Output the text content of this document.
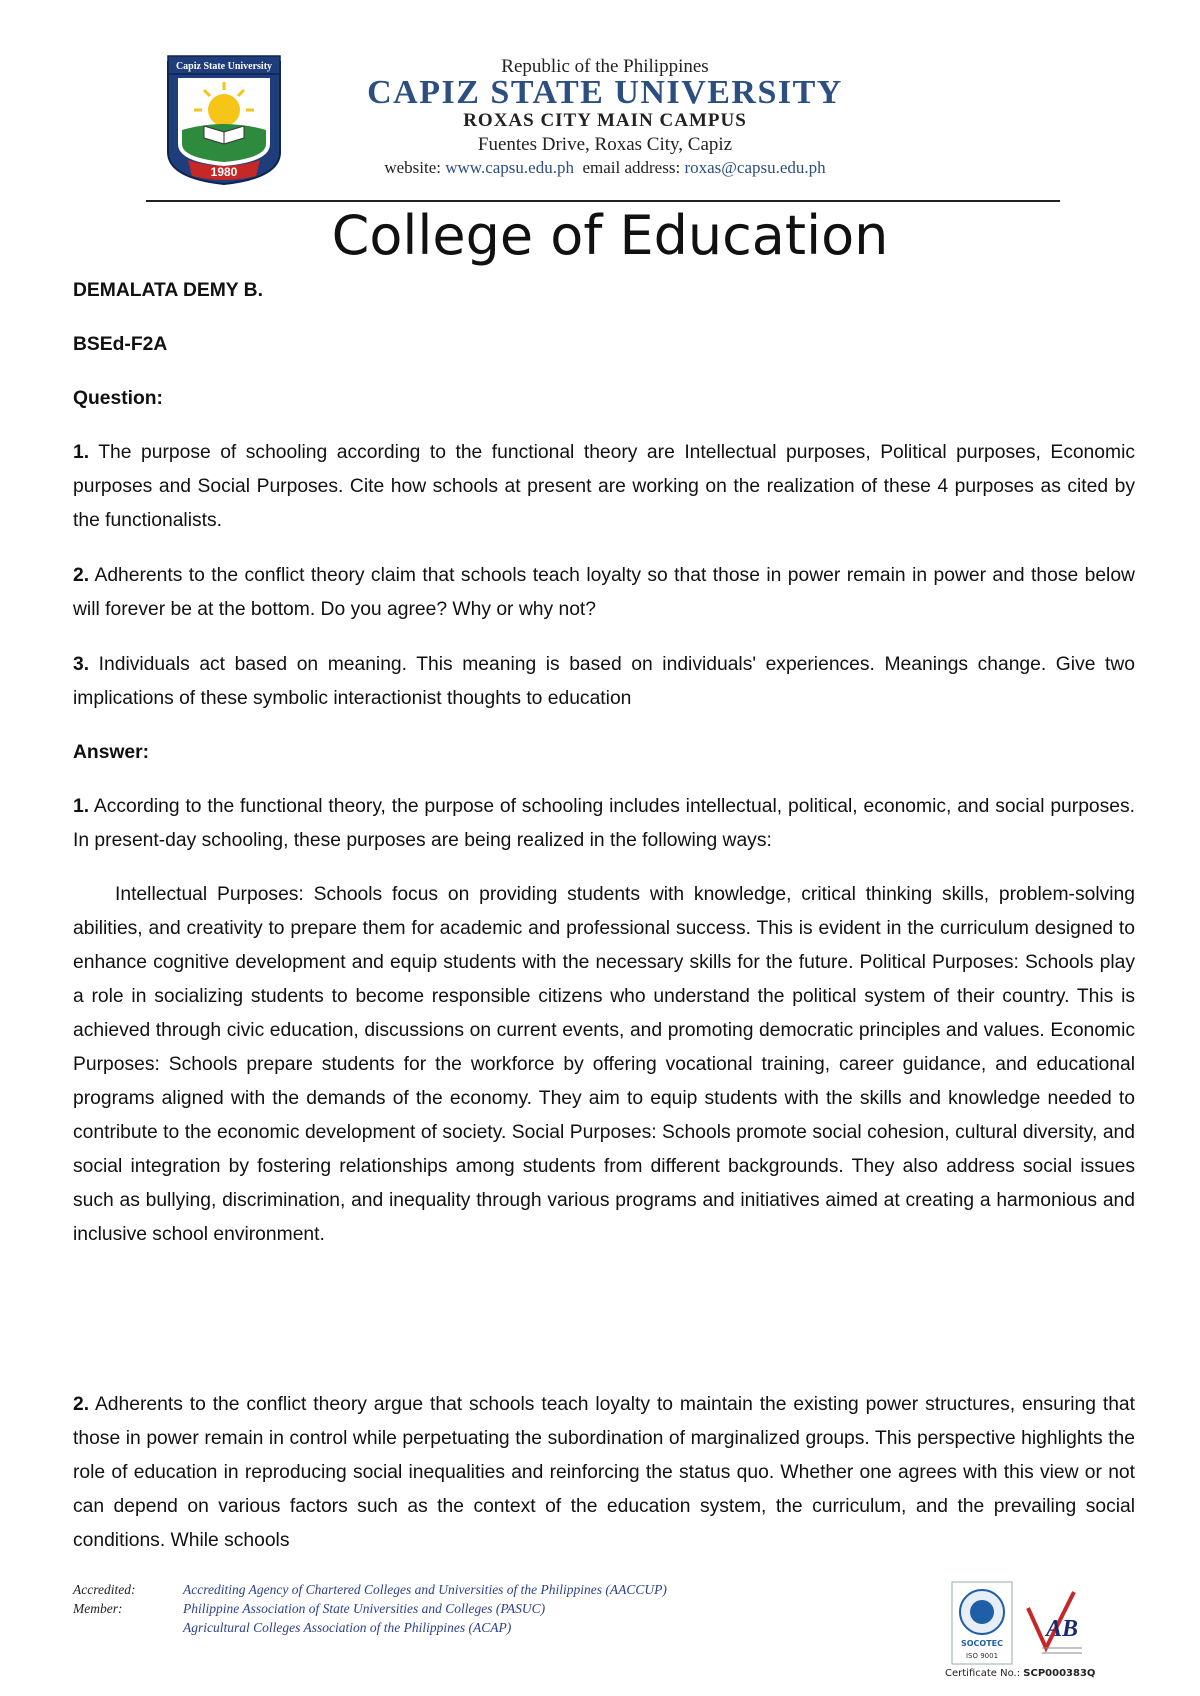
Capiz State University
1980
Republic of the Philippines
CAPIZ STATE UNIVERSITY
ROXAS CITY MAIN CAMPUS
Fuentes Drive, Roxas City, Capiz
website: www.capsu.edu.ph email address: roxas@capsu.edu.ph
College of Education
DEMALATA DEMY B.
BSEd-F2A
Question:
1. The purpose of schooling according to the functional theory are Intellectual purposes, Political purposes, Economic purposes and Social Purposes. Cite how schools at present are working on the realization of these 4 purposes as cited by the functionalists.
2. Adherents to the conflict theory claim that schools teach loyalty so that those in power remain in power and those below will forever be at the bottom. Do you agree? Why or why not?
3. Individuals act based on meaning. This meaning is based on individuals' experiences. Meanings change. Give two implications of these symbolic interactionist thoughts to education
Answer:
1. According to the functional theory, the purpose of schooling includes intellectual, political, economic, and social purposes. In present-day schooling, these purposes are being realized in the following ways:
Intellectual Purposes: Schools focus on providing students with knowledge, critical thinking skills, problem-solving abilities, and creativity to prepare them for academic and professional success. This is evident in the curriculum designed to enhance cognitive development and equip students with the necessary skills for the future. Political Purposes: Schools play a role in socializing students to become responsible citizens who understand the political system of their country. This is achieved through civic education, discussions on current events, and promoting democratic principles and values. Economic Purposes: Schools prepare students for the workforce by offering vocational training, career guidance, and educational programs aligned with the demands of the economy. They aim to equip students with the skills and knowledge needed to contribute to the economic development of society. Social Purposes: Schools promote social cohesion, cultural diversity, and social integration by fostering relationships among students from different backgrounds. They also address social issues such as bullying, discrimination, and inequality through various programs and initiatives aimed at creating a harmonious and inclusive school environment.
2. Adherents to the conflict theory argue that schools teach loyalty to maintain the existing power structures, ensuring that those in power remain in control while perpetuating the subordination of marginalized groups. This perspective highlights the role of education in reproducing social inequalities and reinforcing the status quo. Whether one agrees with this view or not can depend on various factors such as the context of the education system, the curriculum, and the prevailing social conditions. While schools
Accredited:	Accrediting Agency of Chartered Colleges and Universities of the Philippines (AACCUP)
Member:	Philippine Association of State Universities and Colleges (PASUC)
Agricultural Colleges Association of the Philippines (ACAP)
SOCOTEC
ISO 9001
AB
Certificate No.: SCP000383Q
